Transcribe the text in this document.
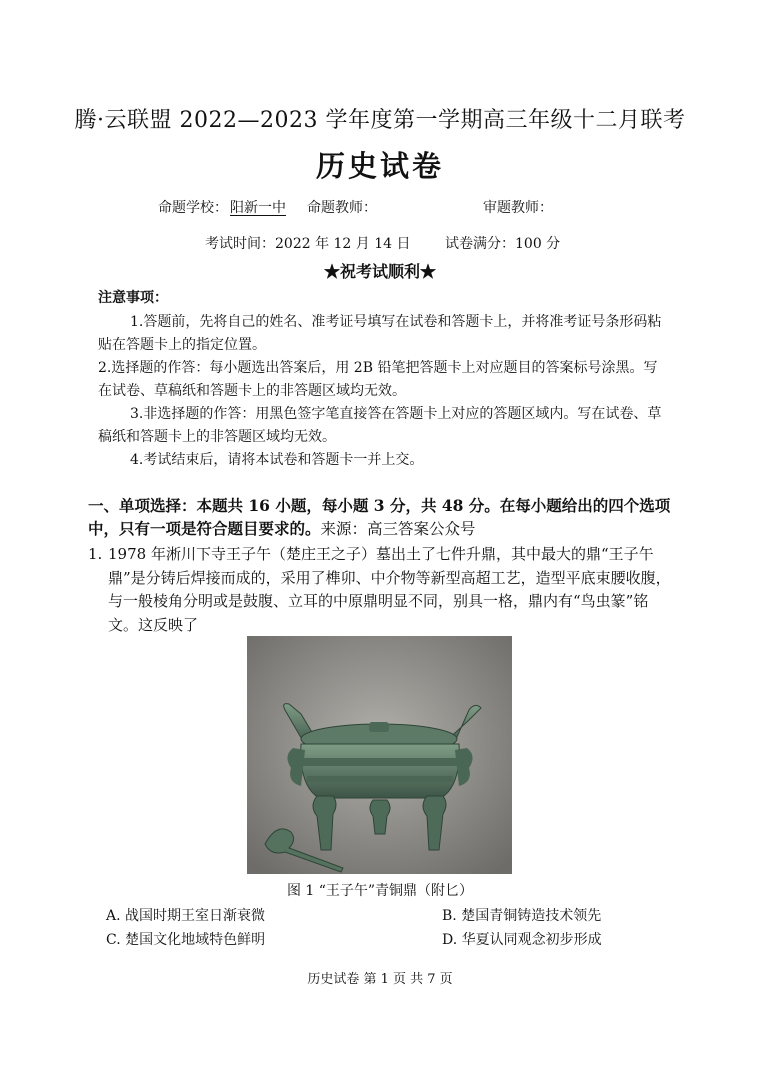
腾·云联盟 2022—2023 学年度第一学期高三年级十二月联考
历史试卷
命题学校： 阳新一中 命题教师：	审题教师：
考试时间：2022 年 12 月 14 日 试卷满分：100 分
★祝考试顺利★
注意事项：
1.答题前，先将自己的姓名、准考证号填写在试卷和答题卡上，并将准考证号条形码粘贴在答题卡上的指定位置。
2.选择题的作答：每小题选出答案后，用 2B 铅笔把答题卡上对应题目的答案标号涂黑。写在试卷、草稿纸和答题卡上的非答题区域均无效。
3.非选择题的作答：用黑色签字笔直接答在答题卡上对应的答题区域内。写在试卷、草稿纸和答题卡上的非答题区域均无效。
4.考试结束后，请将本试卷和答题卡一并上交。
一、单项选择：本题共 16 小题，每小题 3 分，共 48 分。在每小题给出的四个选项中，只有一项是符合题目要求的。来源：高三答案公众号
1. 1978 年淅川下寺王子午（楚庄王之子）墓出土了七件升鼎，其中最大的鼎“王子午鼎”是分铸后焊接而成的，采用了榫卯、中介物等新型高超工艺，造型平底束腰收腹，与一般棱角分明或是鼓腹、立耳的中原鼎明显不同，别具一格，鼎内有“鸟虫篆”铭文。这反映了
图 1 “王子午”青铜鼎（附匕）
A. 战国时期王室日渐衰微	B. 楚国青铜铸造技术领先
C. 楚国文化地域特色鲜明	D. 华夏认同观念初步形成
历史试卷 第 1 页 共 7 页
